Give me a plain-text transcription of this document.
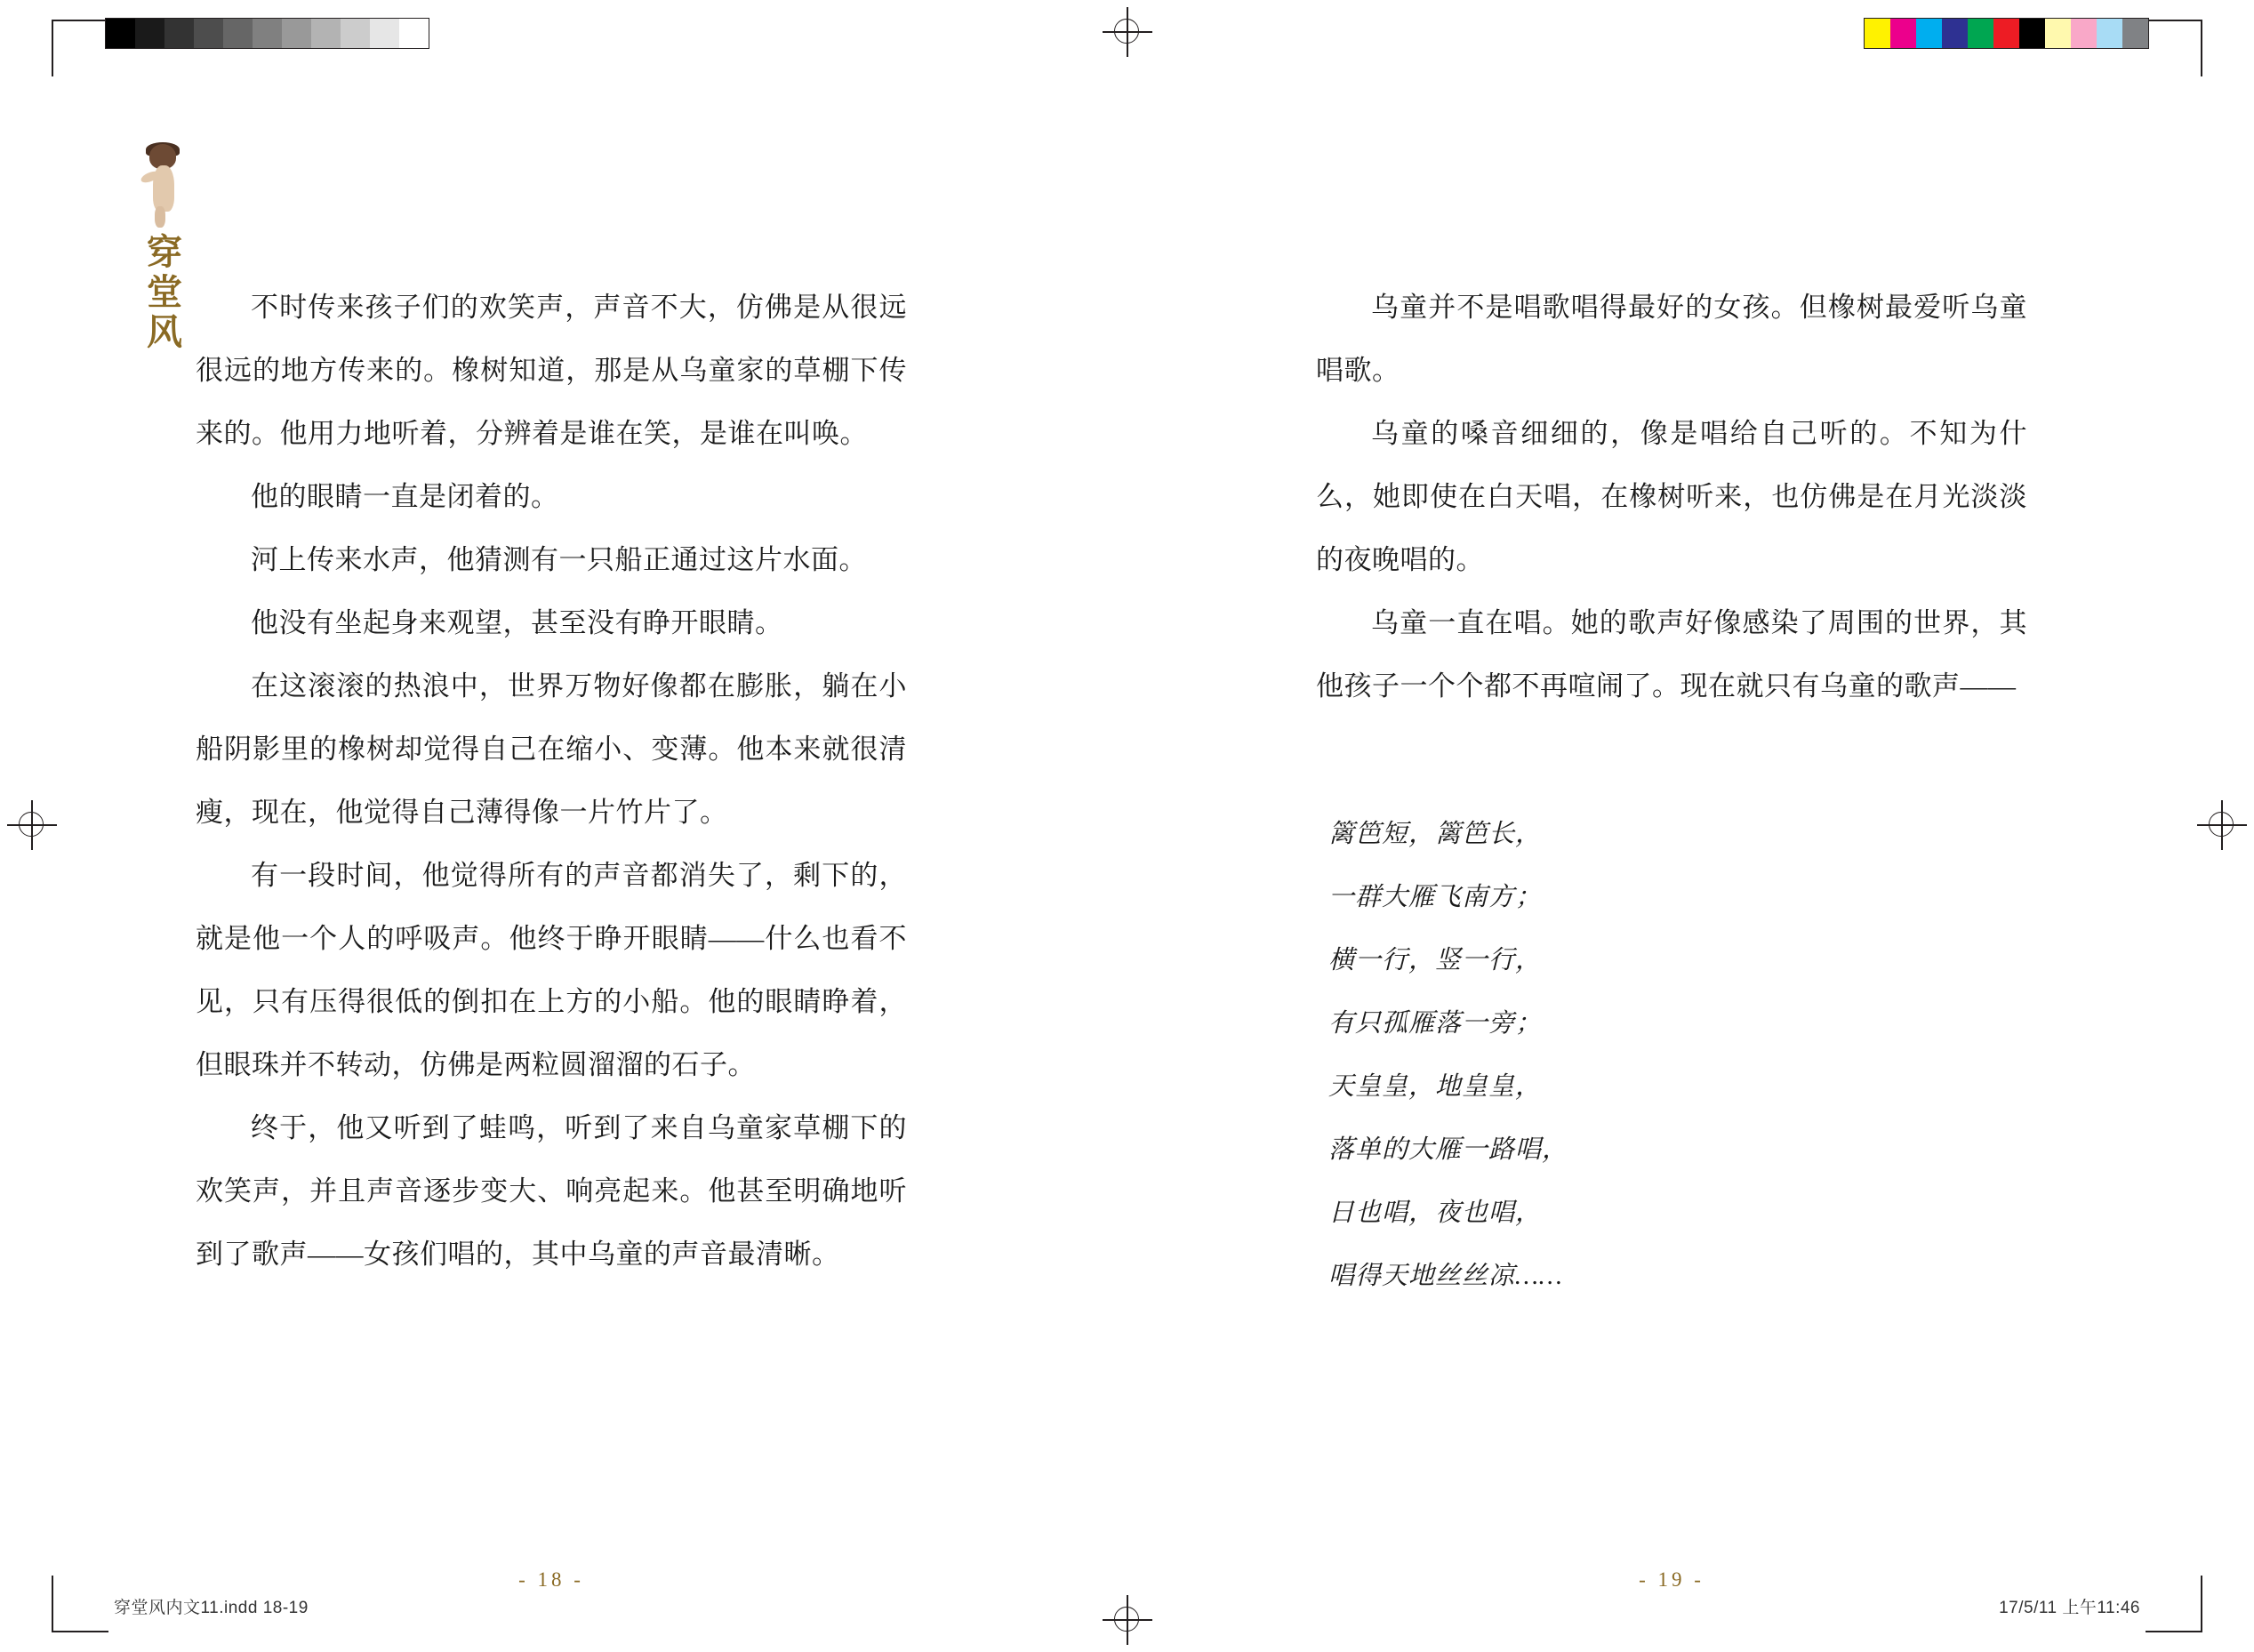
穿
堂
风

不时传来孩子们的欢笑声，声音不大，仿佛是从很远很远的地方传来的。橡树知道，那是从乌童家的草棚下传来的。他用力地听着，分辨着是谁在笑，是谁在叫唤。

他的眼睛一直是闭着的。

河上传来水声，他猜测有一只船正通过这片水面。

他没有坐起身来观望，甚至没有睁开眼睛。

在这滚滚的热浪中，世界万物好像都在膨胀，躺在小船阴影里的橡树却觉得自己在缩小、变薄。他本来就很清瘦，现在，他觉得自己薄得像一片竹片了。

有一段时间，他觉得所有的声音都消失了，剩下的，就是他一个人的呼吸声。他终于睁开眼睛——什么也看不见，只有压得很低的倒扣在上方的小船。他的眼睛睁着，但眼珠并不转动，仿佛是两粒圆溜溜的石子。

终于，他又听到了蛙鸣，听到了来自乌童家草棚下的欢笑声，并且声音逐步变大、响亮起来。他甚至明确地听到了歌声——女孩们唱的，其中乌童的声音最清晰。

- 18 -

乌童并不是唱歌唱得最好的女孩。但橡树最爱听乌童唱歌。

乌童的嗓音细细的，像是唱给自己听的。不知为什么，她即使在白天唱，在橡树听来，也仿佛是在月光淡淡的夜晚唱的。

乌童一直在唱。她的歌声好像感染了周围的世界，其他孩子一个个都不再喧闹了。现在就只有乌童的歌声——

篱笆短，篱笆长，
一群大雁飞南方；
横一行，竖一行，
有只孤雁落一旁；
天皇皇，地皇皇，
落单的大雁一路唱，
日也唱，夜也唱，
唱得天地丝丝凉……
- 19 -
穿堂风内文11.indd 18-19	17/5/11 上午11:46
